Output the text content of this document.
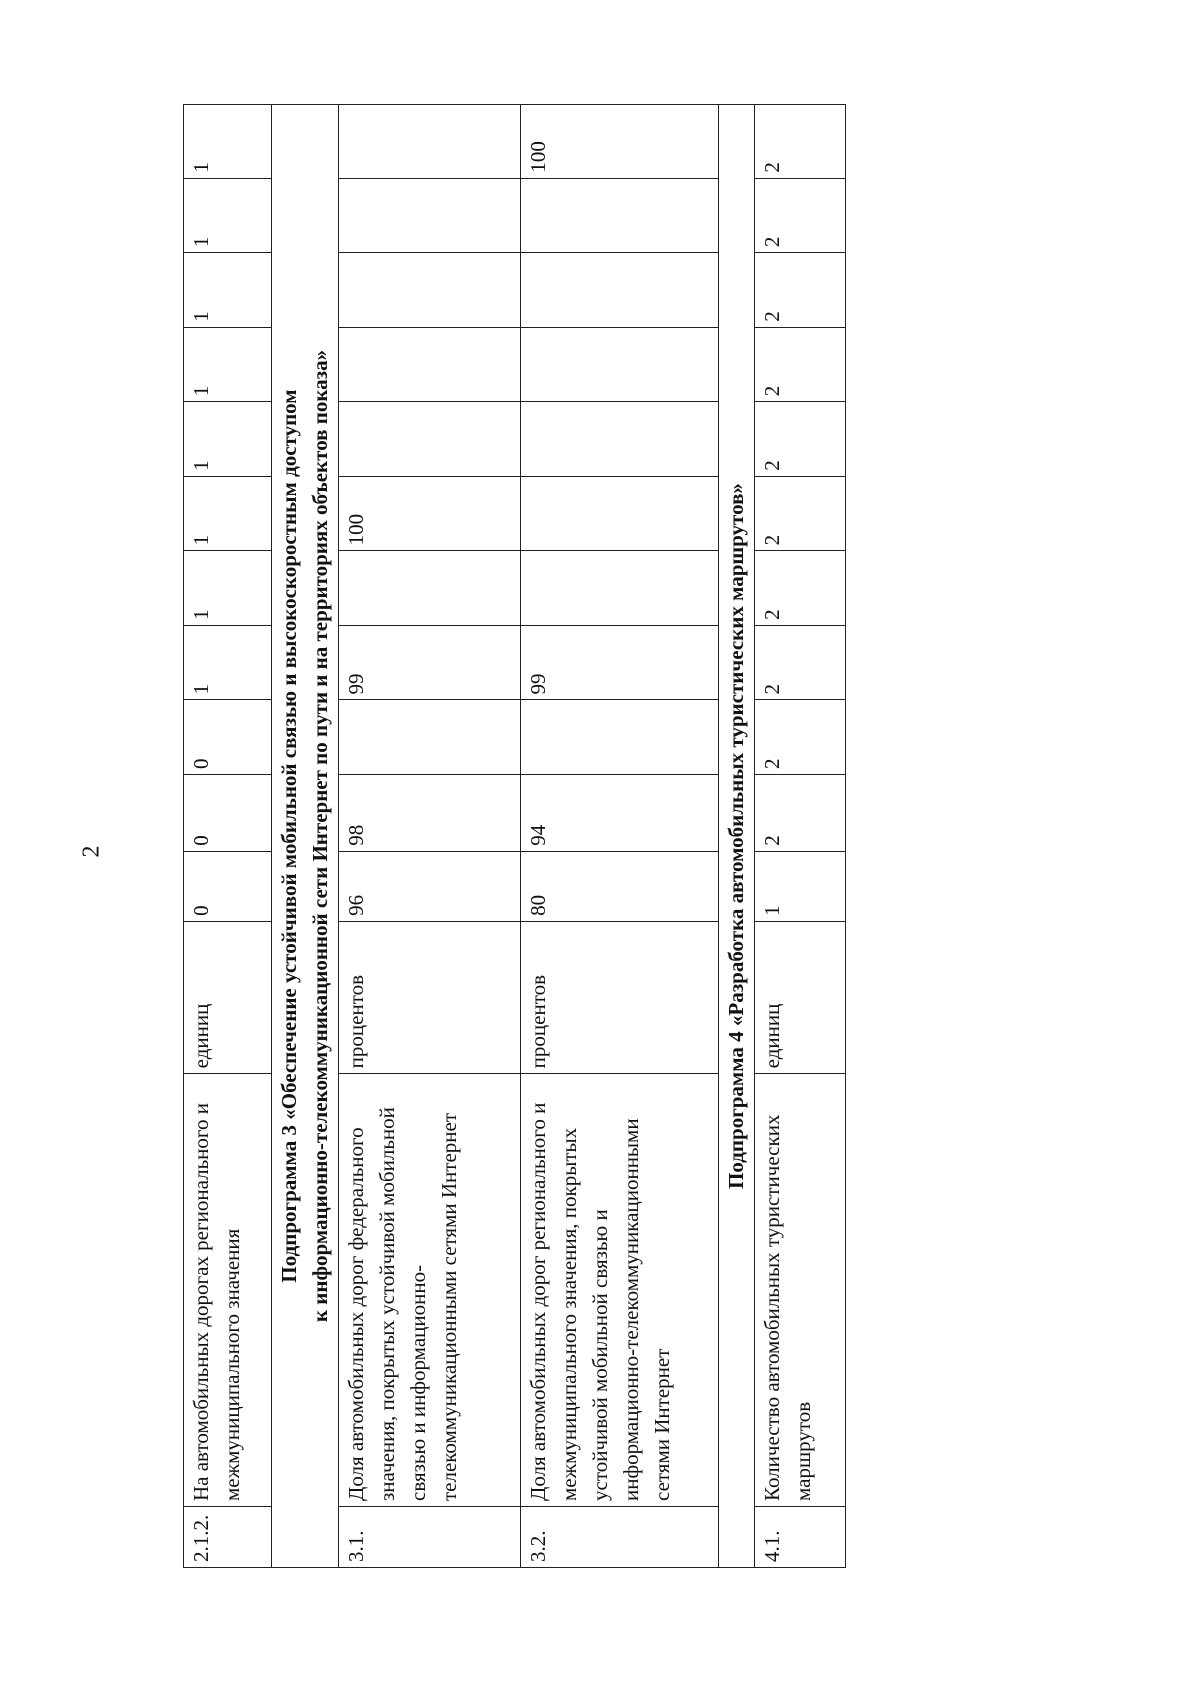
2
2.1.2.	На автомобильных дорогах регионального и межмуниципального значения	единиц	0	0	0	1	1	1	1	1	1	1	1

Подпрограмма 3 «Обеспечение устойчивой мобильной связью и высокоскоростным доступом к информационно-телекоммуникационной сети Интернет по пути и на территориях объектов показа»													

3.1.	Доля автомобильных дорог федерального значения, покрытых устойчивой мобильной связью и информационно-телекоммуникационными сетями Интернет	процентов	96	98		99		100					
3.2.	Доля автомобильных дорог регионального и межмуниципального значения, покрытых устойчивой мобильной связью и информационно-телекоммуникационными сетями Интернет	процентов	80	94		99							100

Подпрограмма 4 «Разработка автомобильных туристических маршрутов»													

4.1.	Количество автомобильных туристических маршрутов	единиц	1	2	2	2	2	2	2	2	2	2	2
